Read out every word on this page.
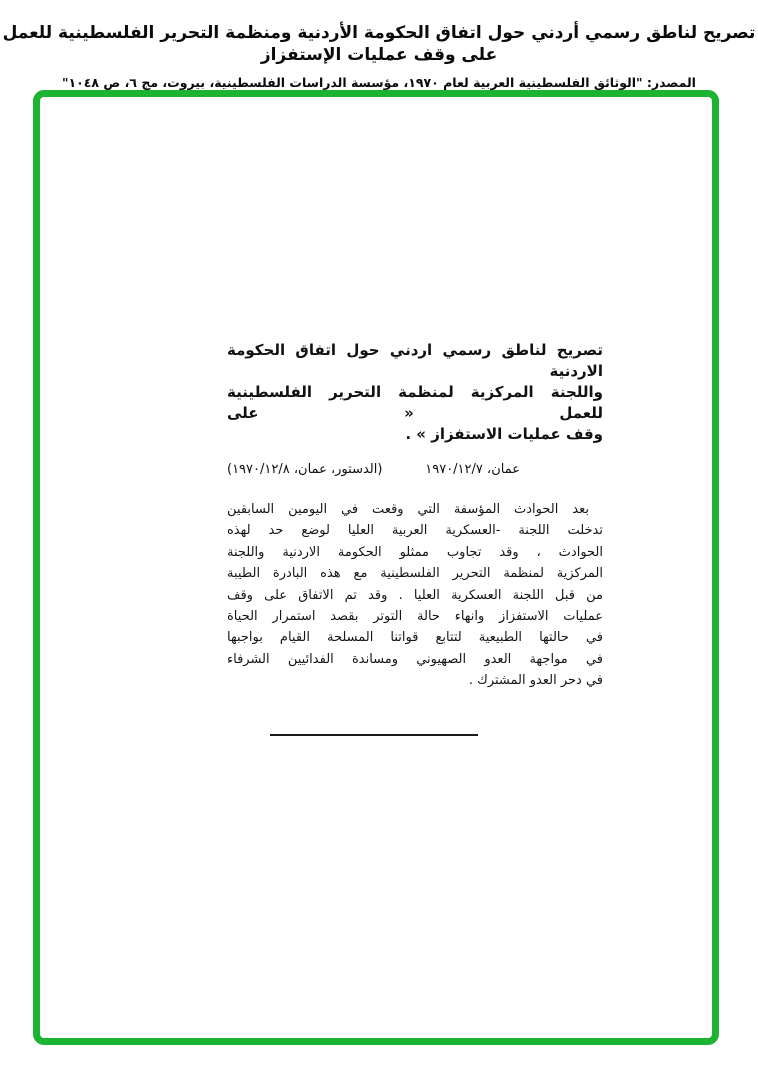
تصريح لناطق رسمي أردني حول اتفاق الحكومة الأردنية ومنظمة التحرير الفلسطينية للعمل على وقف عمليات الإستفزاز
المصدر: "الوثائق الفلسطينية العربية لعام ١٩٧٠، مؤسسة الدراسات الفلسطينية، بيروت، مج ٦، ص ١٠٤٨"
تصريح لناطق رسمي اردني حول اتفاق الحكومة الاردنية
واللجنة المركزية لمنظمة التحرير الفلسطينية للعمل « على
وقف عمليات الاستفزاز » .
عمان، ١٩٧٠/١٢/٧
(الدستور، عمان، ١٩٧٠/١٢/٨)
بعد الحوادث المؤسفة التي وقعت في اليومين السابقين
تدخلت اللجنة -العسكرية العربية العليا لوضع حد لهذه
الحوادث ، وقد تجاوب ممثلو الحكومة الاردنية واللجنة
المركزية لمنظمة التحرير الفلسطينية مع هذه البادرة الطيبة
من قبل اللجنة العسكرية العليا . وقد تم الاتفاق على وقف
عمليات الاستفزاز وانهاء حالة التوتر بقصد استمرار الحياة
في حالتها الطبيعية لتتابع قواتنا المسلحة القيام بواجبها
في مواجهة العدو الصهيوني ومساندة الفدائيين الشرفاء
في دحر العدو المشترك .
